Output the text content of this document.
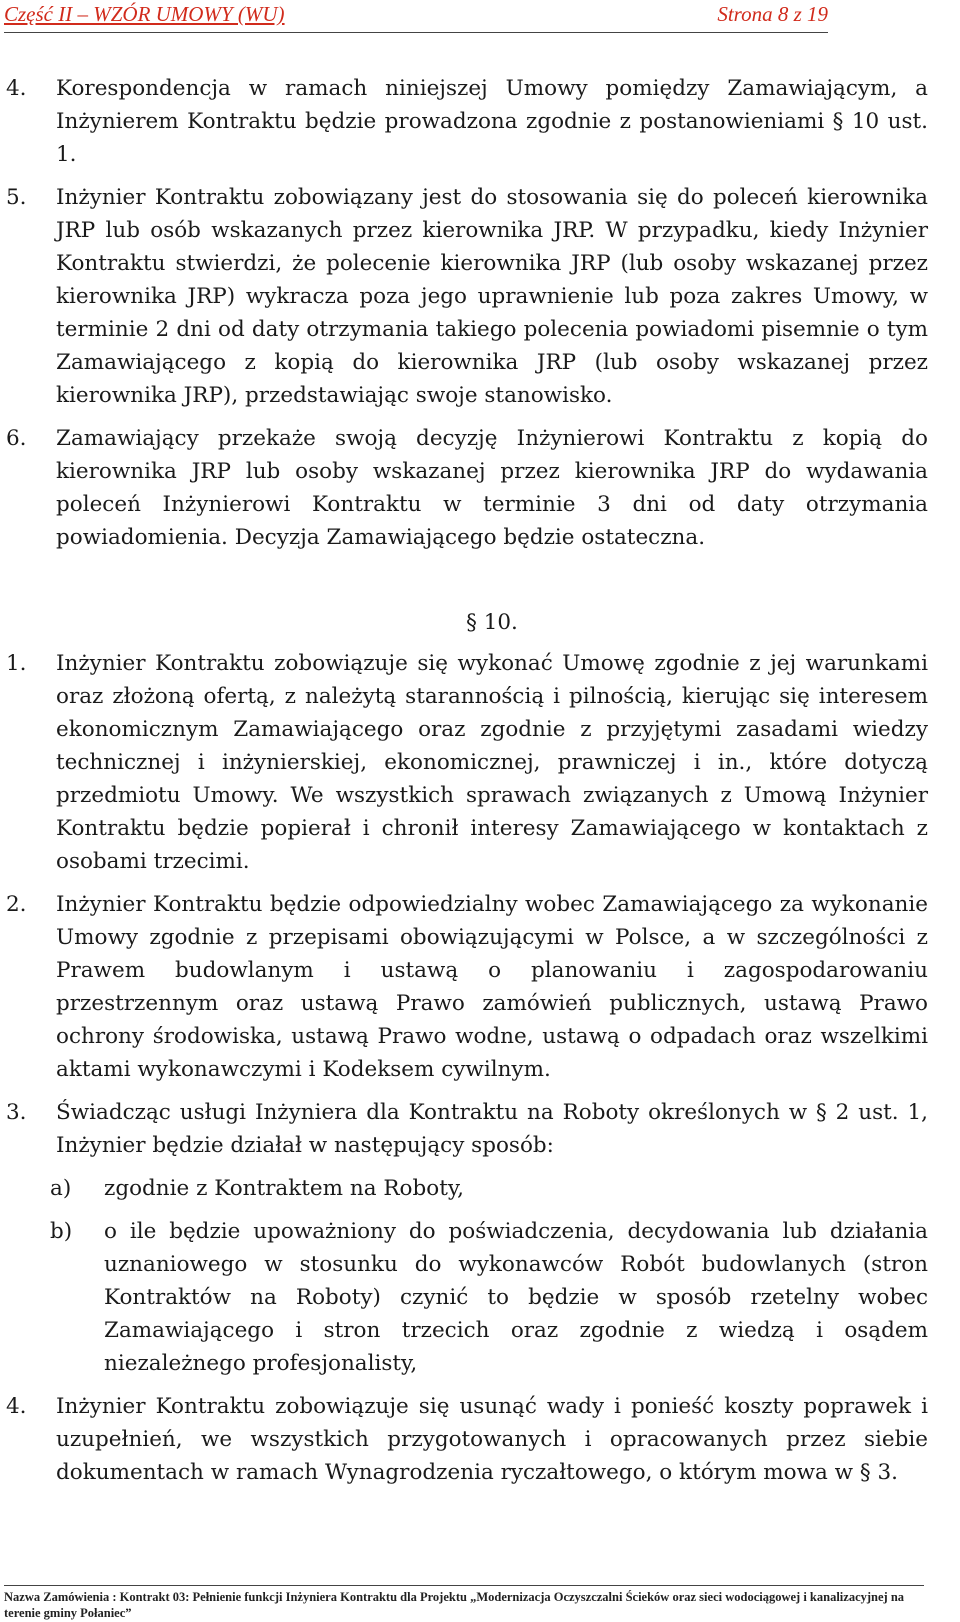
Część II – WZÓR UMOWY (WU)	Strona 8 z 19

4. Korespondencja w ramach niniejszej Umowy pomiędzy Zamawiającym, a Inżynierem Kontraktu będzie prowadzona zgodnie z postanowieniami § 10 ust. 1.

5. Inżynier Kontraktu zobowiązany jest do stosowania się do poleceń kierownika JRP lub osób wskazanych przez kierownika JRP. W przypadku, kiedy Inżynier Kontraktu stwierdzi, że polecenie kierownika JRP (lub osoby wskazanej przez kierownika JRP) wykracza poza jego uprawnienie lub poza zakres Umowy, w terminie 2 dni od daty otrzymania takiego polecenia powiadomi pisemnie o tym Zamawiającego z kopią do kierownika JRP (lub osoby wskazanej przez kierownika JRP), przedstawiając swoje stanowisko.

6. Zamawiający przekaże swoją decyzję Inżynierowi Kontraktu z kopią do kierownika JRP lub osoby wskazanej przez kierownika JRP do wydawania poleceń Inżynierowi Kontraktu w terminie 3 dni od daty otrzymania powiadomienia. Decyzja Zamawiającego będzie ostateczna.

§ 10.

1. Inżynier Kontraktu zobowiązuje się wykonać Umowę zgodnie z jej warunkami oraz złożoną ofertą, z należytą starannością i pilnością, kierując się interesem ekonomicznym Zamawiającego oraz zgodnie z przyjętymi zasadami wiedzy technicznej i inżynierskiej, ekonomicznej, prawniczej i in., które dotyczą przedmiotu Umowy. We wszystkich sprawach związanych z Umową Inżynier Kontraktu będzie popierał i chronił interesy Zamawiającego w kontaktach z osobami trzecimi.

2. Inżynier Kontraktu będzie odpowiedzialny wobec Zamawiającego za wykonanie Umowy zgodnie z przepisami obowiązującymi w Polsce, a w szczególności z Prawem budowlanym i ustawą o planowaniu i zagospodarowaniu przestrzennym oraz ustawą Prawo zamówień publicznych, ustawą Prawo ochrony środowiska, ustawą Prawo wodne, ustawą o odpadach oraz wszelkimi aktami wykonawczymi i Kodeksem cywilnym.

3. Świadcząc usługi Inżyniera dla Kontraktu na Roboty określonych w § 2 ust. 1, Inżynier będzie działał w następujący sposób:

a) zgodnie z Kontraktem na Roboty,

b) o ile będzie upoważniony do poświadczenia, decydowania lub działania uznaniowego w stosunku do wykonawców Robót budowlanych (stron Kontraktów na Roboty) czynić to będzie w sposób rzetelny wobec Zamawiającego i stron trzecich oraz zgodnie z wiedzą i osądem niezależnego profesjonalisty,

4. Inżynier Kontraktu zobowiązuje się usunąć wady i ponieść koszty poprawek i uzupełnień, we wszystkich przygotowanych i opracowanych przez siebie dokumentach w ramach Wynagrodzenia ryczałtowego, o którym mowa w § 3.

Nazwa Zamówienia : Kontrakt 03: Pełnienie funkcji Inżyniera Kontraktu dla Projektu „Modernizacja Oczyszczalni Ścieków oraz sieci wodociągowej i kanalizacyjnej na terenie gminy Połaniec”
